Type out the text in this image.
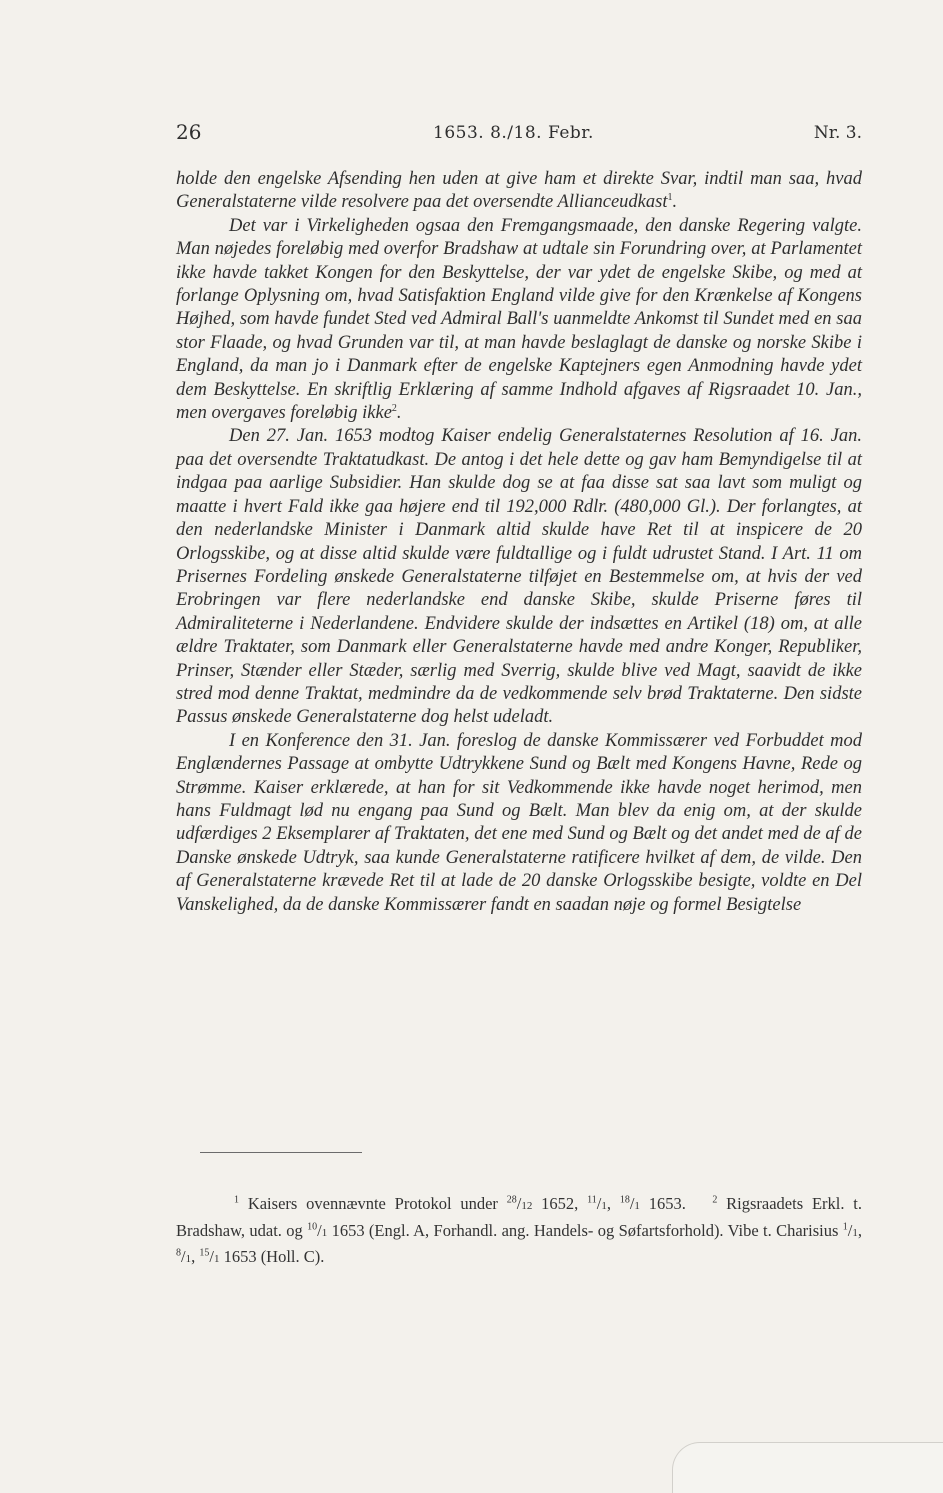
26	1653. 8./18. Febr.	Nr. 3.

holde den engelske Afsending hen uden at give ham et direkte Svar, indtil man saa, hvad Generalstaterne vilde resolvere paa det oversendte Allianceudkast$^1$.

Det var i Virkeligheden ogsaa den Fremgangsmaade, den danske Regering valgte. Man nøjedes foreløbig med overfor Bradshaw at udtale sin Forundring over, at Parlamentet ikke havde takket Kongen for den Beskyttelse, der var ydet de engelske Skibe, og med at forlange Oplysning om, hvad Satisfaktion England vilde give for den Krænkelse af Kongens Højhed, som havde fundet Sted ved Admiral Ball's uanmeldte Ankomst til Sundet med en saa stor Flaade, og hvad Grunden var til, at man havde beslaglagt de danske og norske Skibe i England, da man jo i Danmark efter de engelske Kaptejners egen Anmodning havde ydet dem Beskyttelse. En skriftlig Erklæring af samme Indhold afgaves af Rigsraadet 10. Jan., men overgaves foreløbig ikke$^2$.

Den 27. Jan. 1653 modtog Kaiser endelig Generalstaternes Resolution af 16. Jan. paa det oversendte Traktatudkast. De antog i det hele dette og gav ham Bemyndigelse til at indgaa paa aarlige Subsidier. Han skulde dog se at faa disse sat saa lavt som muligt og maatte i hvert Fald ikke gaa højere end til 192,000 Rdlr. (480,000 Gl.). Der forlangtes, at den nederlandske Minister i Danmark altid skulde have Ret til at inspicere de 20 Orlogsskibe, og at disse altid skulde være fuldtallige og i fuldt udrustet Stand. I Art. 11 om Prisernes Fordeling ønskede Generalstaterne tilføjet en Bestemmelse om, at hvis der ved Erobringen var flere nederlandske end danske Skibe, skulde Priserne føres til Admiraliteterne i Nederlandene. Endvidere skulde der indsættes en Artikel (18) om, at alle ældre Traktater, som Danmark eller Generalstaterne havde med andre Konger, Republiker, Prinser, Stænder eller Stæder, særlig med Sverrig, skulde blive ved Magt, saavidt de ikke stred mod denne Traktat, medmindre da de vedkommende selv brød Traktaterne. Den sidste Passus ønskede Generalstaterne dog helst udeladt.

I en Konference den 31. Jan. foreslog de danske Kommissærer ved Forbuddet mod Englændernes Passage at ombytte Udtrykkene Sund og Bælt med Kongens Havne, Rede og Strømme. Kaiser erklærede, at han for sit Vedkommende ikke havde noget herimod, men hans Fuldmagt lød nu engang paa Sund og Bælt. Man blev da enig om, at der skulde udfærdiges 2 Eksemplarer af Traktaten, det ene med Sund og Bælt og det andet med de af de Danske ønskede Udtryk, saa kunde Generalstaterne ratificere hvilket af dem, de vilde. Den af Generalstaterne krævede Ret til at lade de 20 danske Orlogsskibe besigte, voldte en Del Vanskelighed, da de danske Kommissærer fandt en saadan nøje og formel Besigtelse

$^1$ Kaisers ovennævnte Protokol under $^{28}$/12 1652, $^{11}$/1, $^{18}$/1 1653.   $^2$ Rigsraadets Erkl. t. Bradshaw, udat. og $^{10}$/1 1653 (Engl. A, Forhandl. ang. Handels- og Søfartsforhold). Vibe t. Charisius $^1$/1, $^8$/1, $^{15}$/1 1653 (Holl. C).
